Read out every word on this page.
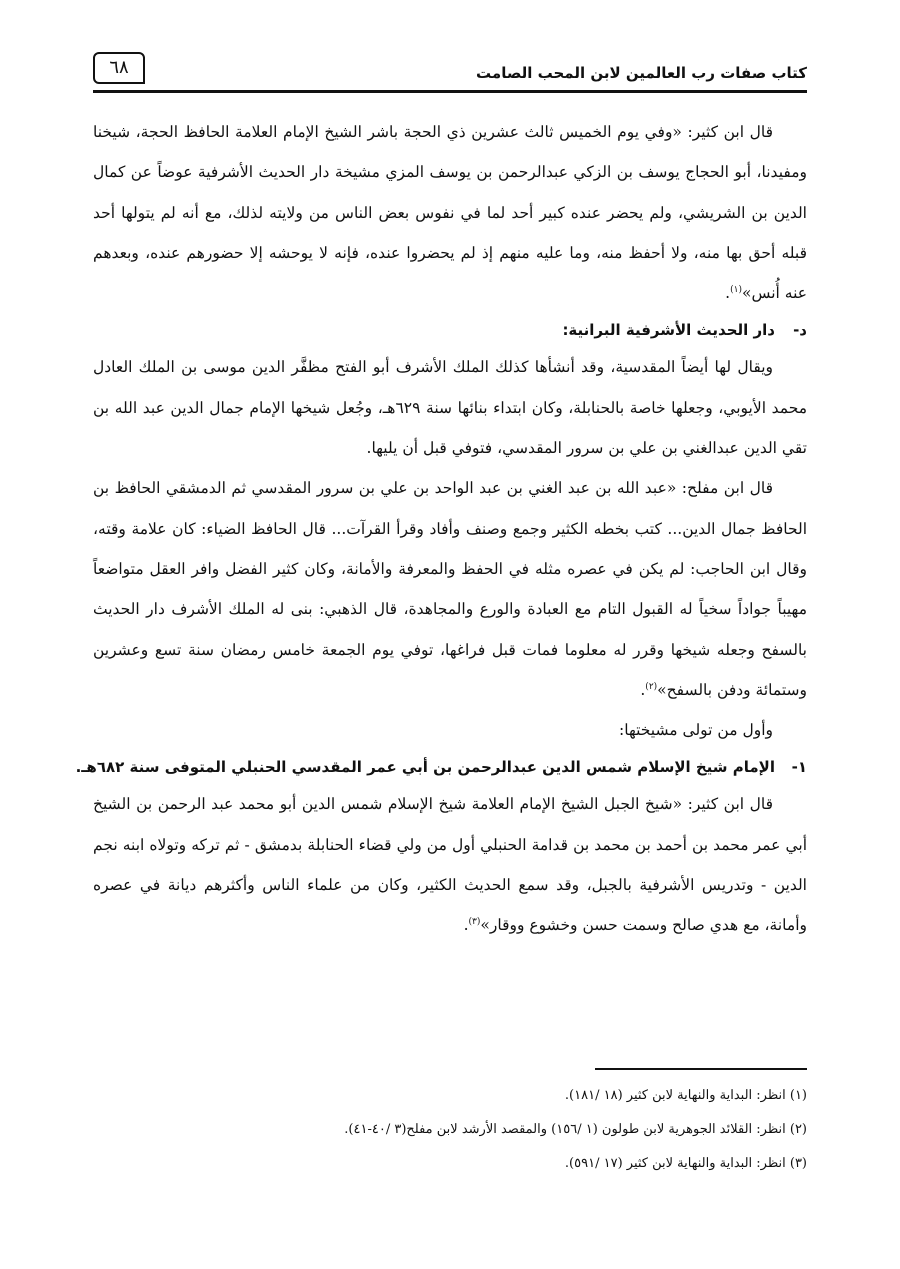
كتاب صفات رب العالمين لابن المحب الصامت
٦٨

قال ابن كثير: «وفي يوم الخميس ثالث عشرين ذي الحجة باشر الشيخ الإمام العلامة الحافظ الحجة، شيخنا ومفيدنا، أبو الحجاج يوسف بن الزكي عبدالرحمن بن يوسف المزي مشيخة دار الحديث الأشرفية عوضاً عن كمال الدين بن الشريشي، ولم يحضر عنده كبير أحد لما في نفوس بعض الناس من ولايته لذلك، مع أنه لم يتولها أحد قبله أحق بها منه، ولا أحفظ منه، وما عليه منهم إذ لم يحضروا عنده، فإنه لا يوحشه إلا حضورهم عنده، وبعدهم عنه أُنس»$^{(١)}$.

د-دار الحديث الأشرفية البرانية:

ويقال لها أيضاً المقدسية، وقد أنشأها كذلك الملك الأشرف أبو الفتح مظفَّر الدين موسى بن الملك العادل محمد الأيوبي، وجعلها خاصة بالحنابلة، وكان ابتداء بنائها سنة ٦٢٩هـ، وجُعل شيخها الإمام جمال الدين عبد الله بن تقي الدين عبدالغني بن علي بن سرور المقدسي، فتوفي قبل أن يليها.

قال ابن مفلح: «عبد الله بن عبد الغني بن عبد الواحد بن علي بن سرور المقدسي ثم الدمشقي الحافظ بن الحافظ جمال الدين... كتب بخطه الكثير وجمع وصنف وأفاد وقرأ القرآت... قال الحافظ الضياء: كان علامة وقته، وقال ابن الحاجب: لم يكن في عصره مثله في الحفظ والمعرفة والأمانة، وكان كثير الفضل وافر العقل متواضعاً مهيباً جواداً سخياً له القبول التام مع العبادة والورع والمجاهدة، قال الذهبي: بنى له الملك الأشرف دار الحديث بالسفح وجعله شيخها وقرر له معلوما فمات قبل فراغها، توفي يوم الجمعة خامس رمضان سنة تسع وعشرين وستمائة ودفن بالسفح»$^{(٢)}$.

وأول من تولى مشيختها:

١-الإمام شيخ الإسلام شمس الدين عبدالرحمن بن أبي عمر المقدسي الحنبلي المتوفى سنة ٦٨٢هـ.

قال ابن كثير: «شيخ الجبل الشيخ الإمام العلامة شيخ الإسلام شمس الدين أبو محمد عبد الرحمن بن الشيخ أبي عمر محمد بن أحمد بن محمد بن قدامة الحنبلي أول من ولي قضاء الحنابلة بدمشق - ثم تركه وتولاه ابنه نجم الدين - وتدريس الأشرفية بالجبل، وقد سمع الحديث الكثير، وكان من علماء الناس وأكثرهم ديانة في عصره وأمانة، مع هدي صالح وسمت حسن وخشوع ووقار»$^{(٣)}$.

(١) انظر: البداية والنهاية لابن كثير (١٨ /١٨١).
(٢) انظر: القلائد الجوهرية لابن طولون (١ /١٥٦) والمقصد الأرشد لابن مفلح(٣ /٤٠-٤١).
(٣) انظر: البداية والنهاية لابن كثير (١٧ /٥٩١).
